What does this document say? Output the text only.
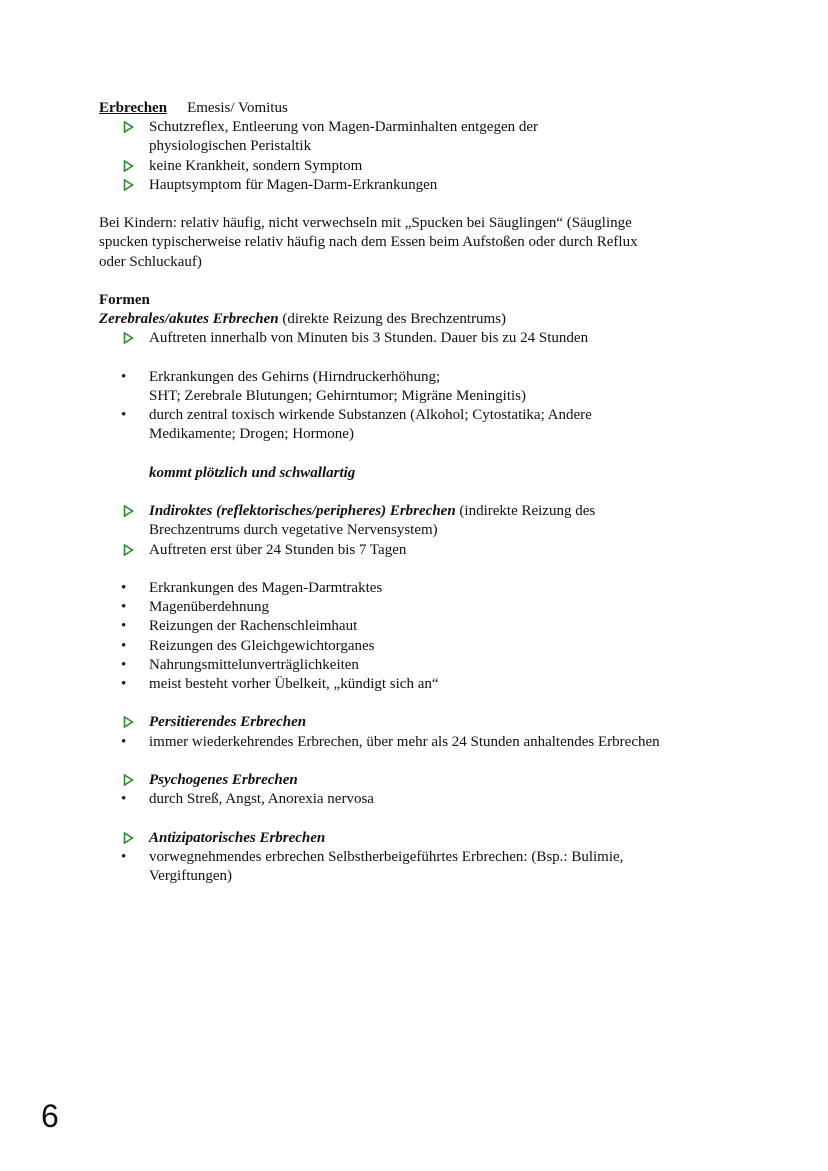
Erbrechen Emesis/ Vomitus
Schutzreflex, Entleerung von Magen-Darminhalten entgegen der
physiologischen Peristaltik
keine Krankheit, sondern Symptom
Hauptsymptom für Magen-Darm-Erkrankungen
Bei Kindern: relativ häufig, nicht verwechseln mit „Spucken bei Säuglingen“ (Säuglinge
spucken typischerweise relativ häufig nach dem Essen beim Aufstoßen oder durch Reflux
oder Schluckauf)
Formen
Zerebrales/akutes Erbrechen (direkte Reizung des Brechzentrums)
Auftreten innerhalb von Minuten bis 3 Stunden. Dauer bis zu 24 Stunden
• Erkrankungen des Gehirns (Hirndruckerhöhung;
SHT; Zerebrale Blutungen; Gehirntumor; Migräne Meningitis)
• durch zentral toxisch wirkende Substanzen (Alkohol; Cytostatika; Andere
Medikamente; Drogen; Hormone)
kommt plötzlich und schwallartig
Indiroktes (reflektorisches/peripheres) Erbrechen (indirekte Reizung des
Brechzentrums durch vegetative Nervensystem)
Auftreten erst über 24 Stunden bis 7 Tagen
• Erkrankungen des Magen-Darmtraktes
• Magenüberdehnung
• Reizungen der Rachenschleimhaut
• Reizungen des Gleichgewichtorganes
• Nahrungsmittelunverträglichkeiten
• meist besteht vorher Übelkeit, „kündigt sich an“
Persitierendes Erbrechen
• immer wiederkehrendes Erbrechen, über mehr als 24 Stunden anhaltendes Erbrechen
Psychogenes Erbrechen
• durch Streß, Angst, Anorexia nervosa
Antizipatorisches Erbrechen
• vorwegnehmendes erbrechen Selbstherbeigeführtes Erbrechen: (Bsp.: Bulimie,
Vergiftungen)
6
